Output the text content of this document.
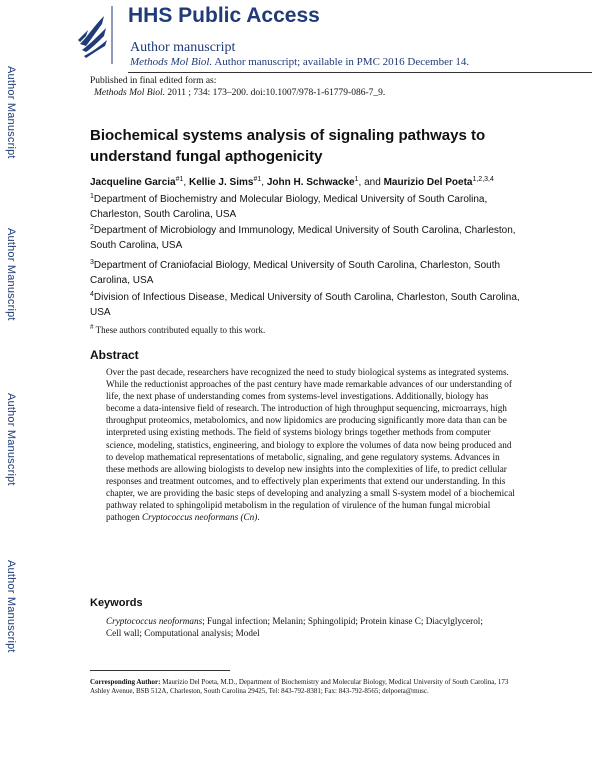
Author Manuscript
Author Manuscript
Author Manuscript
Author Manuscript
HHS Public Access
Author manuscript
Methods Mol Biol. Author manuscript; available in PMC 2016 December 14.
Published in final edited form as:
Methods Mol Biol. 2011 ; 734: 173–200. doi:10.1007/978-1-61779-086-7_9.
Biochemical systems analysis of signaling pathways to understand fungal apthogenicity
Jacqueline Garcia$^{\#1}$, Kellie J. Sims$^{\#1}$, John H. Schwacke$^1$, and Maurizio Del Poeta$^{1,2,3,4}$
$^1$Department of Biochemistry and Molecular Biology, Medical University of South Carolina, Charleston, South Carolina, USA
$^2$Department of Microbiology and Immunology, Medical University of South Carolina, Charleston, South Carolina, USA
$^3$Department of Craniofacial Biology, Medical University of South Carolina, Charleston, South Carolina, USA
$^4$Division of Infectious Disease, Medical University of South Carolina, Charleston, South Carolina, USA
# These authors contributed equally to this work.
Abstract

Over the past decade, researchers have recognized the need to study biological systems as integrated systems. While the reductionist approaches of the past century have made remarkable advances of our understanding of life, the next phase of understanding comes from systems-level investigations. Additionally, biology has become a data-intensive field of research. The introduction of high throughput sequencing, microarrays, high throughput proteomics, metabolomics, and now lipidomics are producing significantly more data than can be interpreted using existing methods. The field of systems biology brings together methods from computer science, modeling, statistics, engineering, and biology to explore the volumes of data now being produced and to develop mathematical representations of metabolic, signaling, and gene regulatory systems. Advances in these methods are allowing biologists to develop new insights into the complexities of life, to predict cellular responses and treatment outcomes, and to effectively plan experiments that extend our understanding. In this chapter, we are providing the basic steps of developing and analyzing a small S-system model of a biochemical pathway related to sphingolipid metabolism in the regulation of virulence of the human fungal microbial pathogen Cryptococcus neoformans (Cn).

Keywords
Cryptococcus neoformans; Fungal infection; Melanin; Sphingolipid; Protein kinase C; Diacylglycerol; Cell wall; Computational analysis; Model
Corresponding Author: Maurizio Del Poeta, M.D., Department of Biochemistry and Molecular Biology, Medical University of South Carolina, 173 Ashley Avenue, BSB 512A, Charleston, South Carolina 29425, Tel: 843-792-8381; Fax: 843-792-8565; delpoeta@musc.
